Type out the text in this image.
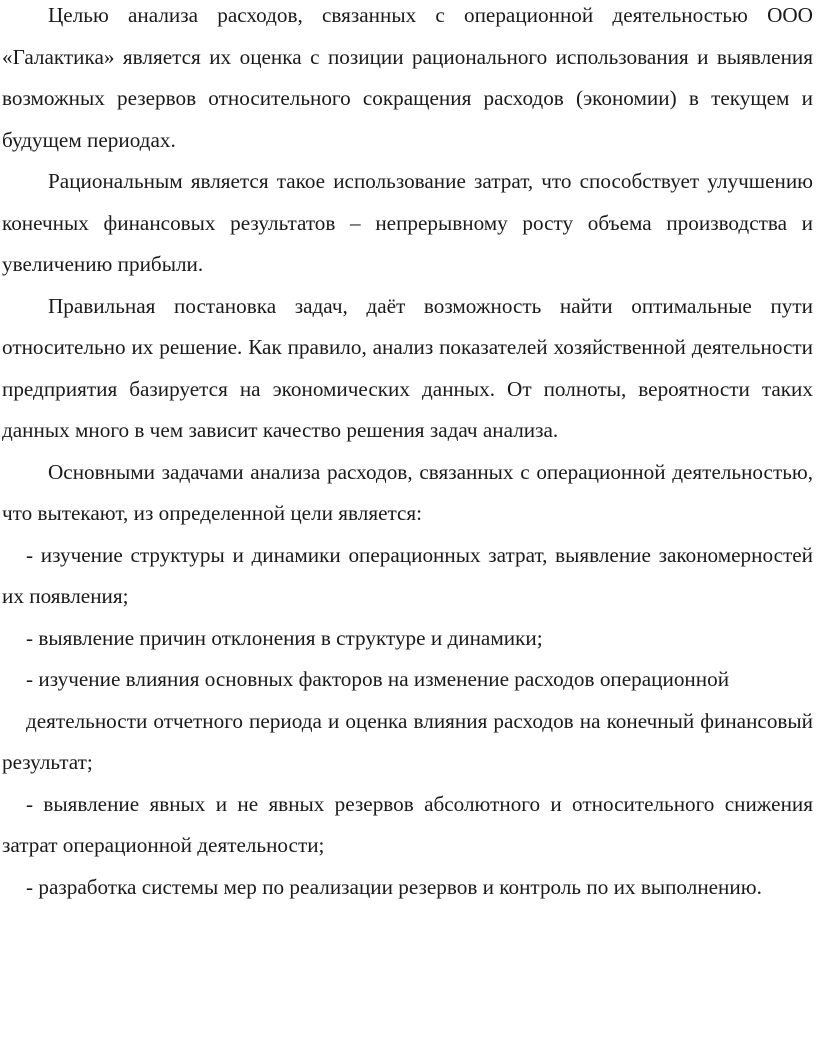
Целью анализа расходов, связанных с операционной деятельностью ООО «Галактика» является их оценка с позиции рационального использования и выявления возможных резервов относительного сокращения расходов (экономии) в текущем и будущем периодах.

Рациональным является такое использование затрат, что способствует улучшению конечных финансовых результатов – непрерывному росту объема производства и увеличению прибыли.

Правильная постановка задач, даёт возможность найти оптимальные пути относительно их решение. Как правило, анализ показателей хозяйственной деятельности предприятия базируется на экономических данных. От полноты, вероятности таких данных много в чем зависит качество решения задач анализа.

Основными задачами анализа расходов, связанных с операционной деятельностью, что вытекают, из определенной цели является:

- изучение структуры и динамики операционных затрат, выявление закономерностей их появления;

- выявление причин отклонения в структуре и динамики;

- изучение влияния основных факторов на изменение расходов операционной

деятельности отчетного периода и оценка влияния расходов на конечный финансовый результат;

- выявление явных и не явных резервов абсолютного и относительного снижения затрат операционной деятельности;

- разработка системы мер по реализации резервов и контроль по их выполнению.
